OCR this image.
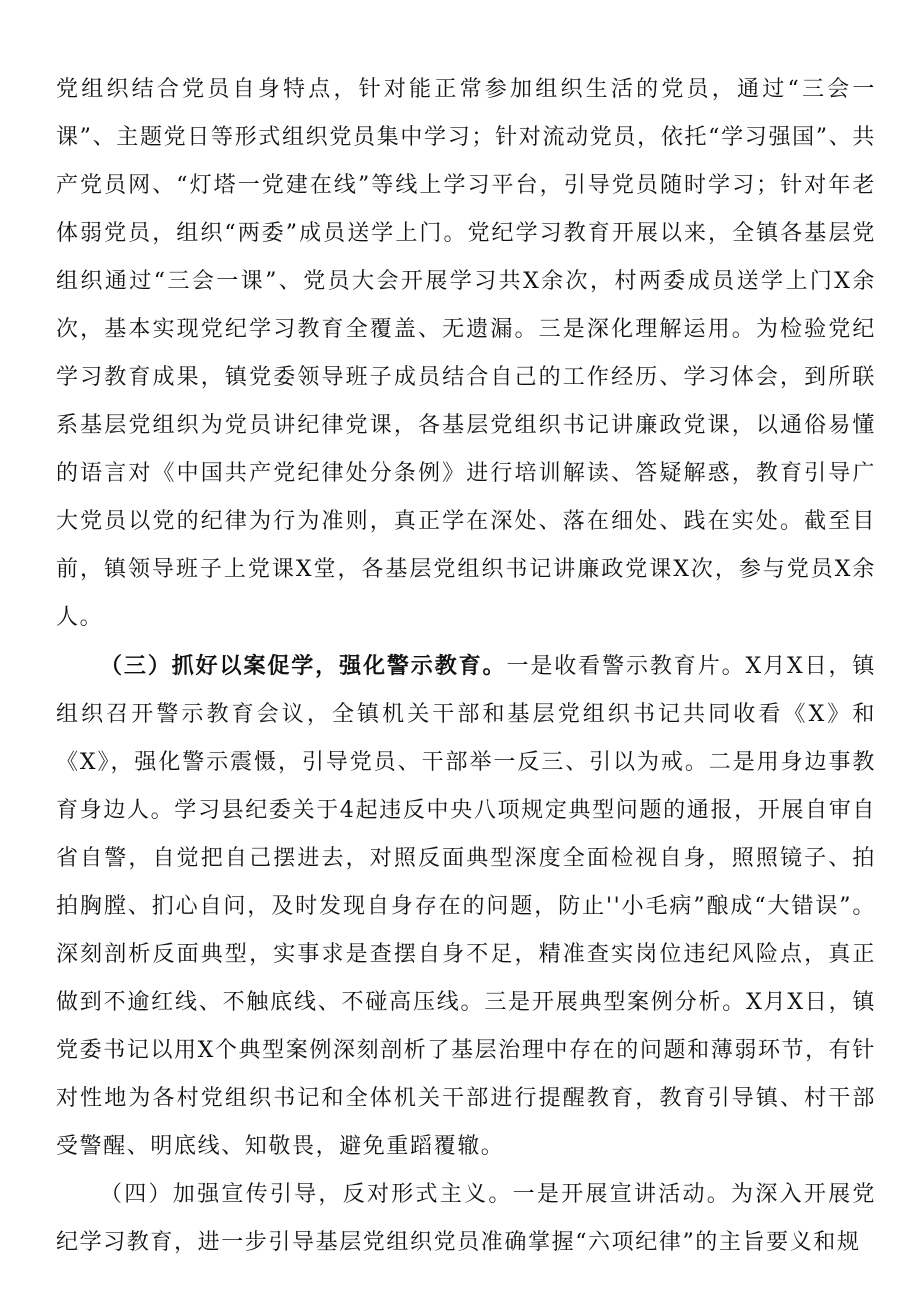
党组织结合党员自身特点，针对能正常参加组织生活的党员，通过“三会一课”、主题党日等形式组织党员集中学习；针对流动党员，依托“学习强国”、共产党员网、“灯塔一党建在线”等线上学习平台，引导党员随时学习；针对年老体弱党员，组织“两委”成员送学上门。党纪学习教育开展以来，全镇各基层党组织通过“三会一课”、党员大会开展学习共X余次，村两委成员送学上门X余次，基本实现党纪学习教育全覆盖、无遗漏。三是深化理解运用。为检验党纪学习教育成果，镇党委领导班子成员结合自己的工作经历、学习体会，到所联系基层党组织为党员讲纪律党课，各基层党组织书记讲廉政党课，以通俗易懂的语言对《中国共产党纪律处分条例》进行培训解读、答疑解惑，教育引导广大党员以党的纪律为行为准则，真正学在深处、落在细处、践在实处。截至目前，镇领导班子上党课X堂，各基层党组织书记讲廉政党课X次，参与党员X余人。

（三）抓好以案促学，强化警示教育。一是收看警示教育片。X月X日，镇组织召开警示教育会议，全镇机关干部和基层党组织书记共同收看《X》和《X》，强化警示震慑，引导党员、干部举一反三、引以为戒。二是用身边事教育身边人。学习县纪委关于4起违反中央八项规定典型问题的通报，开展自审自省自警，自觉把自己摆进去，对照反面典型深度全面检视自身，照照镜子、拍拍胸膛、扪心自问，及时发现自身存在的问题，防止''小毛病”酿成“大错误”。深刻剖析反面典型，实事求是查摆自身不足，精准查实岗位违纪风险点，真正做到不逾红线、不触底线、不碰高压线。三是开展典型案例分析。X月X日，镇党委书记以用X个典型案例深刻剖析了基层治理中存在的问题和薄弱环节，有针对性地为各村党组织书记和全体机关干部进行提醒教育，教育引导镇、村干部受警醒、明底线、知敬畏，避免重蹈覆辙。

（四）加强宣传引导，反对形式主义。一是开展宣讲活动。为深入开展党纪学习教育，进一步引导基层党组织党员准确掌握“六项纪律”的主旨要义和规
